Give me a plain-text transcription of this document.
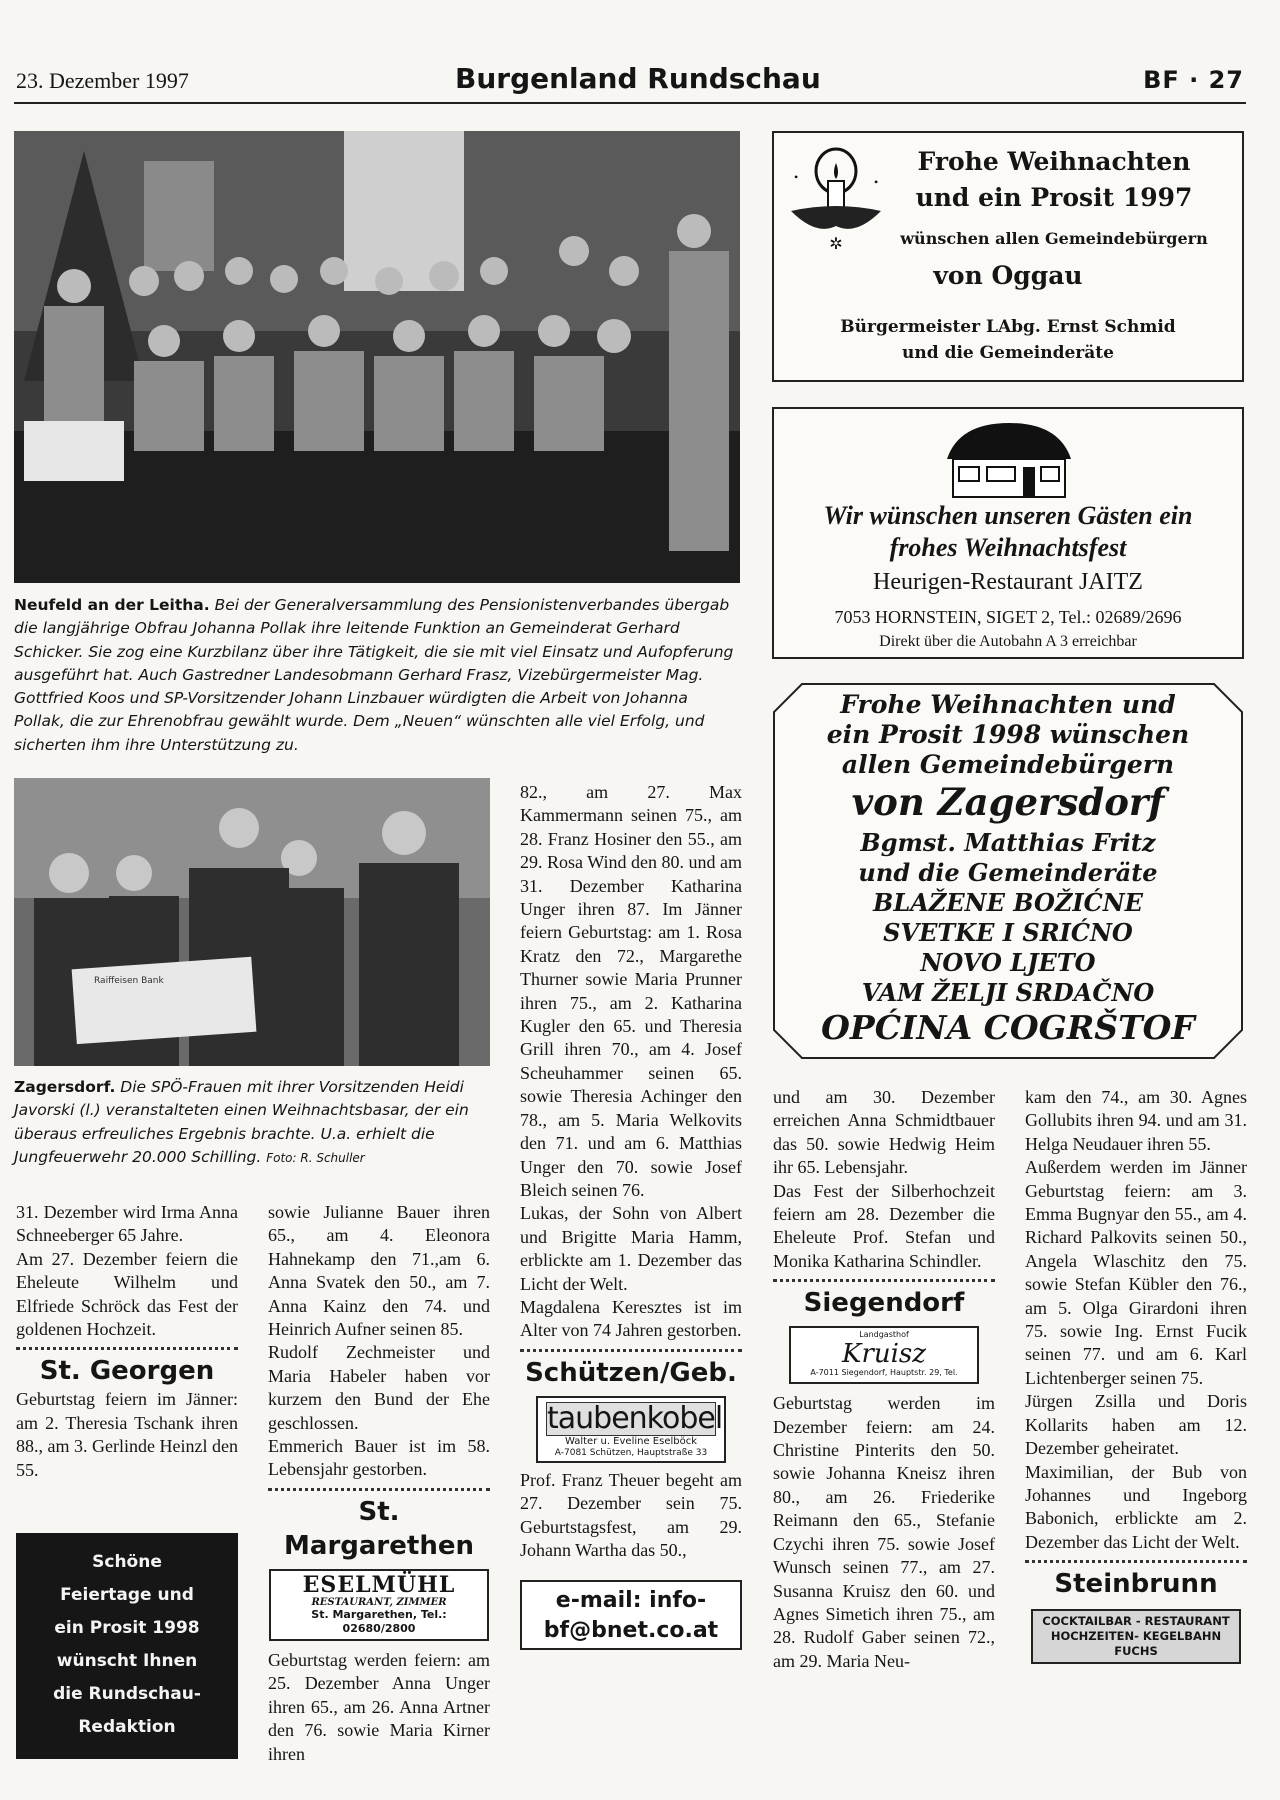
23. Dezember 1997	Burgenland Rundschau	BF · 27
Neufeld an der Leitha. Bei der Generalversammlung des Pensionistenverbandes übergab die langjährige Obfrau Johanna Pollak ihre leitende Funktion an Gemeinderat Gerhard Schicker. Sie zog eine Kurzbilanz über ihre Tätigkeit, die sie mit viel Einsatz und Aufopferung ausgeführt hat. Auch Gastredner Landesobmann Gerhard Frasz, Vizebürgermeister Mag. Gottfried Koos und SP-Vorsitzender Johann Linzbauer würdigten die Arbeit von Johanna Pollak, die zur Ehrenobfrau gewählt wurde. Dem „Neuen“ wünschten alle viel Erfolg, und sicherten ihm ihre Unterstützung zu.
Raiffeisen Bank
Zagersdorf. Die SPÖ-Frauen mit ihrer Vorsitzenden Heidi Javorski (l.) veranstalteten einen Weihnachtsbasar, der ein überaus erfreuliches Ergebnis brachte. U.a. erhielt die Jungfeuerwehr 20.000 Schilling. Foto: R. Schuller
✲
•	•
Frohe Weihnachten
und ein Prosit 1997
wünschen allen Gemeindebürgern
von Oggau
Bürgermeister LAbg. Ernst Schmid
und die Gemeinderäte
Wir wünschen unseren Gästen ein
frohes Weihnachtsfest
Heurigen-Restaurant JAITZ
7053 HORNSTEIN, SIGET 2, Tel.: 02689/2696
Direkt über die Autobahn A 3 erreichbar
Frohe Weihnachten und
ein Prosit 1998 wünschen
allen Gemeindebürgern
von Zagersdorf
Bgmst. Matthias Fritz
und die Gemeinderäte
BLAŽENE BOŽIĆNE
SVETKE I SRIĆNO
NOVO LJETO
VAM ŽELJI SRDAČNO
OPĆINA COGRŠTOF

82., am 27. Max Kammermann seinen 75., am 28. Franz Hosiner den 55., am 29. Rosa Wind den 80. und am 31. Dezember Katharina Unger ihren 87. Im Jänner feiern Geburtstag: am 1. Rosa Kratz den 72., Margarethe Thurner sowie Maria Prunner ihren 75., am 2. Katharina Kugler den 65. und Theresia Grill ihren 70., am 4. Josef Scheuhammer seinen 65. sowie Theresia Achinger den 78., am 5. Maria Welkovits den 71. und am 6. Matthias Unger den 70. sowie Josef Bleich seinen 76.

Lukas, der Sohn von Albert und Brigitte Maria Hamm, erblickte am 1. Dezember das Licht der Welt.

Magdalena Keresztes ist im Alter von 74 Jahren gestorben.

Schützen/Geb.
taubenkobel
Walter u. Eveline Eselböck
A-7081 Schützen, Hauptstraße 33

Prof. Franz Theuer begeht am 27. Dezember sein 75. Geburtstagsfest, am 29. Johann Wartha das 50.,

e-mail: info-bf@bnet.co.at

31. Dezember wird Irma Anna Schneeberger 65 Jahre.

Am 27. Dezember feiern die Eheleute Wilhelm und Elfriede Schröck das Fest der goldenen Hochzeit.

St. Georgen

Geburtstag feiern im Jänner: am 2. Theresia Tschank ihren 88., am 3. Gerlinde Heinzl den 55.

Schöne
Feiertage und
ein Prosit 1998
wünscht Ihnen
die Rundschau-
Redaktion

sowie Julianne Bauer ihren 65., am 4. Eleonora Hahnekamp den 71.,am 6. Anna Svatek den 50., am 7. Anna Kainz den 74. und Heinrich Aufner seinen 85.

Rudolf Zechmeister und Maria Habeler haben vor kurzem den Bund der Ehe geschlossen.

Emmerich Bauer ist im 58. Lebensjahr gestorben.

St. Margarethen
ESELMÜHL
RESTAURANT, ZIMMER
St. Margarethen, Tel.: 02680/2800

Geburtstag werden feiern: am 25. Dezember Anna Unger ihren 65., am 26. Anna Artner den 76. sowie Maria Kirner ihren

und am 30. Dezember erreichen Anna Schmidtbauer das 50. sowie Hedwig Heim ihr 65. Lebensjahr.

Das Fest der Silberhochzeit feiern am 28. Dezember die Eheleute Prof. Stefan und Monika Katharina Schindler.

Siegendorf
Landgasthof
Kruisz
A-7011 Siegendorf, Hauptstr. 29, Tel.

Geburtstag werden im Dezember feiern: am 24. Christine Pinterits den 50. sowie Johanna Kneisz ihren 80., am 26. Friederike Reimann den 65., Stefanie Czychi ihren 75. sowie Josef Wunsch seinen 77., am 27. Susanna Kruisz den 60. und Agnes Simetich ihren 75., am 28. Rudolf Gaber seinen 72., am 29. Maria Neu-

kam den 74., am 30. Agnes Gollubits ihren 94. und am 31. Helga Neudauer ihren 55.

Außerdem werden im Jänner Geburtstag feiern: am 3. Emma Bugnyar den 55., am 4. Richard Palkovits seinen 50., Angela Wlaschitz den 75. sowie Stefan Kübler den 76., am 5. Olga Girardoni ihren 75. sowie Ing. Ernst Fucik seinen 77. und am 6. Karl Lichtenberger seinen 75.

Jürgen Zsilla und Doris Kollarits haben am 12. Dezember geheiratet.

Maximilian, der Bub von Johannes und Ingeborg Babonich, erblickte am 2. Dezember das Licht der Welt.

Steinbrunn
COCKTAILBAR - RESTAURANT
HOCHZEITEN- KEGELBAHN
FUCHS
